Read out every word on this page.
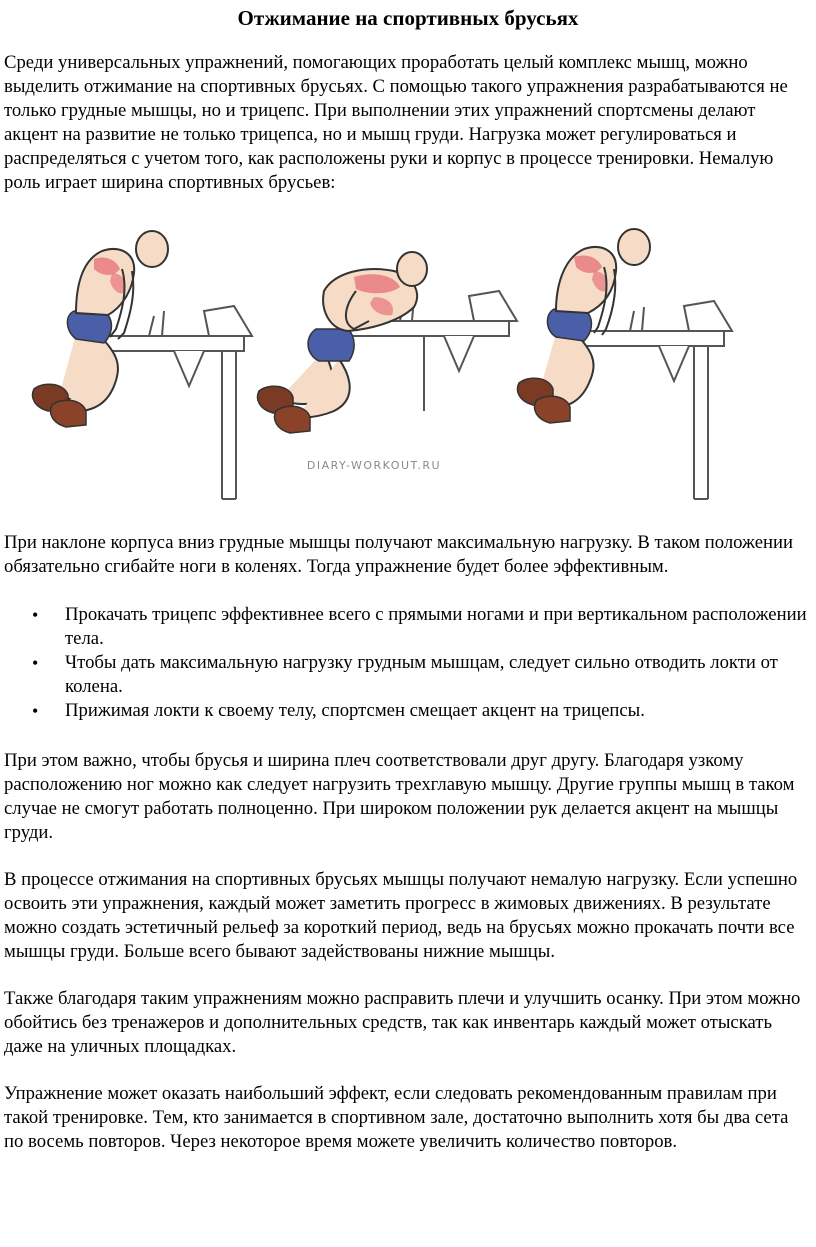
Отжимание на спортивных брусьях

Среди универсальных упражнений, помогающих проработать целый комплекс мышц, можно выделить отжимание на спортивных брусьях. С помощью такого упражнения разрабатываются не только грудные мышцы, но и трицепс. При выполнении этих упражнений спортсмены делают акцент на развитие не только трицепса, но и мышц груди. Нагрузка может регулироваться и распределяться с учетом того, как расположены руки и корпус в процессе тренировки. Немалую роль играет ширина спортивных брусьев:

DIARY-WORKOUT.RU

При наклоне корпуса вниз грудные мышцы получают максимальную нагрузку. В таком положении обязательно сгибайте ноги в коленях. Тогда упражнение будет более эффективным.

• Прокачать трицепс эффективнее всего с прямыми ногами и при вертикальном расположении тела.
• Чтобы дать максимальную нагрузку грудным мышцам, следует сильно отводить локти от колена.
• Прижимая локти к своему телу, спортсмен смещает акцент на трицепсы.

При этом важно, чтобы брусья и ширина плеч соответствовали друг другу. Благодаря узкому расположению ног можно как следует нагрузить трехглавую мышцу. Другие группы мышц в таком случае не смогут работать полноценно. При широком положении рук делается акцент на мышцы груди.

В процессе отжимания на спортивных брусьях мышцы получают немалую нагрузку. Если успешно освоить эти упражнения, каждый может заметить прогресс в жимовых движениях. В результате можно создать эстетичный рельеф за короткий период, ведь на брусьях можно прокачать почти все мышцы груди. Больше всего бывают задействованы нижние мышцы.

Также благодаря таким упражнениям можно расправить плечи и улучшить осанку. При этом можно обойтись без тренажеров и дополнительных средств, так как инвентарь каждый может отыскать даже на уличных площадках.

Упражнение может оказать наибольший эффект, если следовать рекомендованным правилам при такой тренировке. Тем, кто занимается в спортивном зале, достаточно выполнить хотя бы два сета по восемь повторов. Через некоторое время можете увеличить количество повторов.
